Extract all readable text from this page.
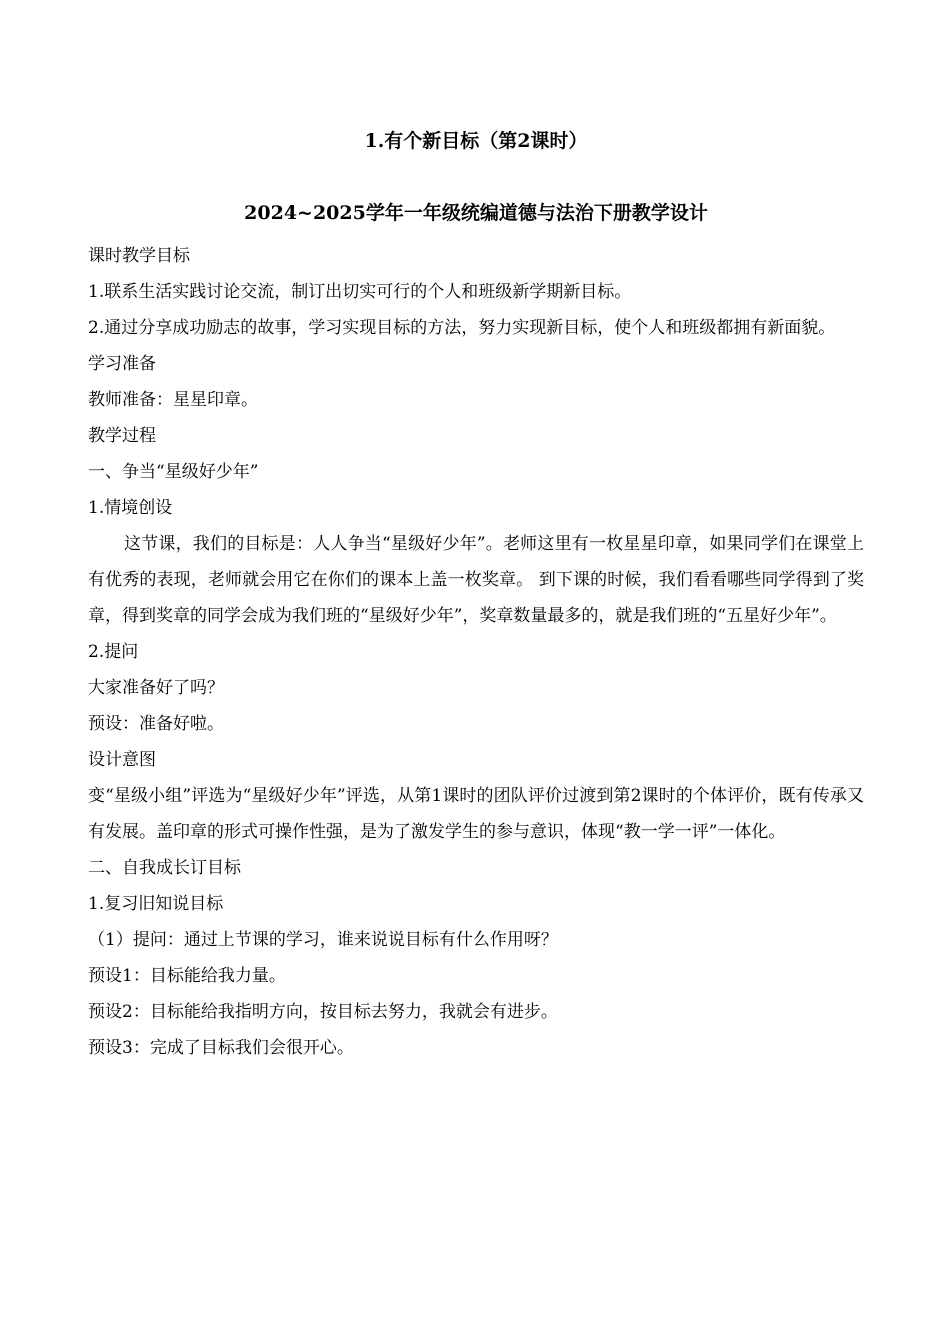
1.有个新目标（第2课时）

2024~2025学年一年级统编道德与法治下册教学设计

课时教学目标

1.联系生活实践讨论交流，制订出切实可行的个人和班级新学期新目标。

2.通过分享成功励志的故事，学习实现目标的方法，努力实现新目标，使个人和班级都拥有新面貌。

学习准备

教师准备：星星印章。

教学过程

一、争当“星级好少年”

1.情境创设

这节课，我们的目标是：人人争当“星级好少年”。老师这里有一枚星星印章，如果同学们在课堂上有优秀的表现，老师就会用它在你们的课本上盖一枚奖章。 到下课的时候，我们看看哪些同学得到了奖章，得到奖章的同学会成为我们班的“星级好少年”，奖章数量最多的，就是我们班的“五星好少年”。

2.提问

大家准备好了吗？

预设：准备好啦。

设计意图

变“星级小组”评选为“星级好少年”评选，从第1课时的团队评价过渡到第2课时的个体评价，既有传承又有发展。盖印章的形式可操作性强，是为了激发学生的参与意识，体现“教一学一评”一体化。

二、自我成长订目标

1.复习旧知说目标

（1）提问：通过上节课的学习，谁来说说目标有什么作用呀？

预设1：目标能给我力量。

预设2：目标能给我指明方向，按目标去努力，我就会有进步。

预设3：完成了目标我们会很开心。
